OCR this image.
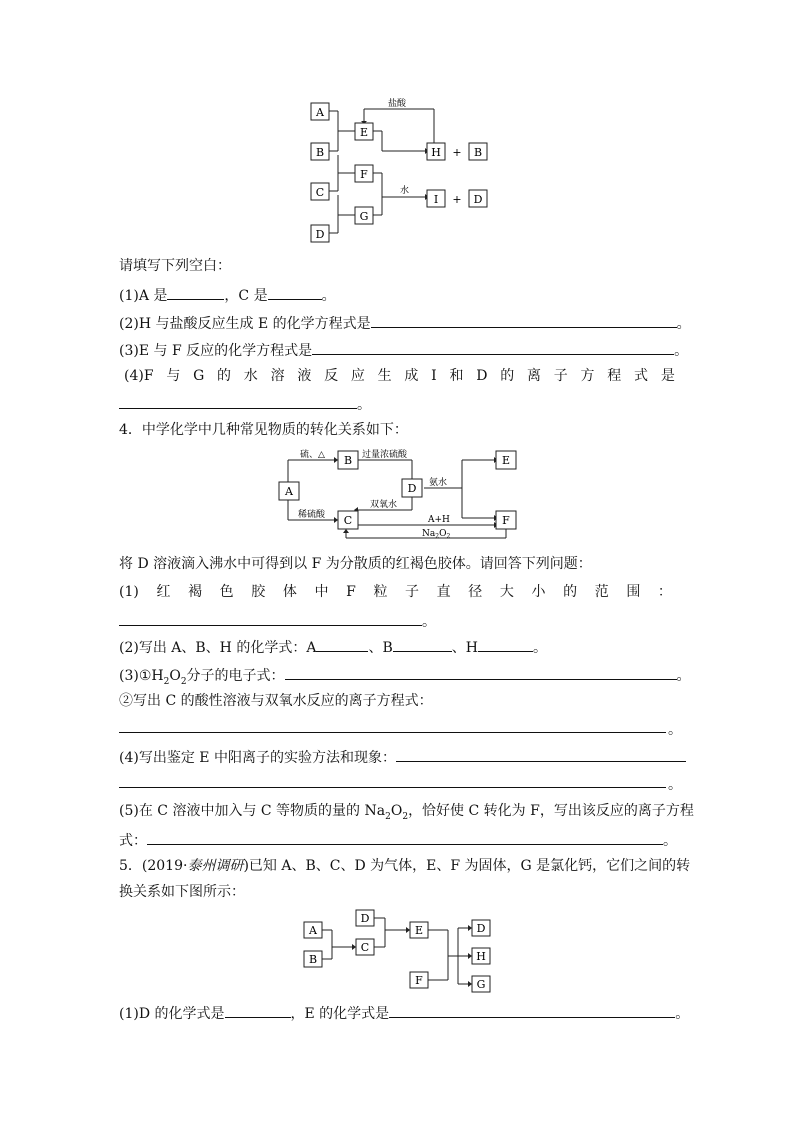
盐酸
水
A
B
C
D
E
F
G
H	B
I	D
+
+
请填写下列空白：
(1)A 是	，C 是	。
(2)H 与盐酸反应生成 E 的化学方程式是	。
(3)E 与 F 反应的化学方程式是	。
(4)F 与 G 的 水 溶 液 反 应 生 成 I 和 D 的 离 子 方 程 式 是
。
4．中学化学中几种常见物质的转化关系如下：
硫、△	过量浓硫酸
氨水
稀硫酸
双氧水
A+H
$Na_2O_2$
A
B
C
D
E
F
将 D 溶液滴入沸水中可得到以 F 为分散质的红褐色胶体。请回答下列问题：
(1) 红 褐 色 胶 体 中 F 粒 子 直 径 大 小 的 范 围 ：
。
(2)写出 A、B、H 的化学式：A	、B	、H	。
$(3)①H_2O_2$分子的电子式：	。
②写出 C 的酸性溶液与双氧水反应的离子方程式：
。
(4)写出鉴定 E 中阳离子的实验方法和现象：
。
(5)在 C 溶液中加入与 C 等物质的量的 $Na_2O_2$，恰好使 C 转化为 F，写出该反应的离子方程
式：	。
5．(2019·泰州调研)已知 A、B、C、D 为气体，E、F 为固体，G 是氯化钙，它们之间的转
换关系如下图所示：
A
B
D
C
E
F
D
H
G
(1)D 的化学式是	，E 的化学式是	。
